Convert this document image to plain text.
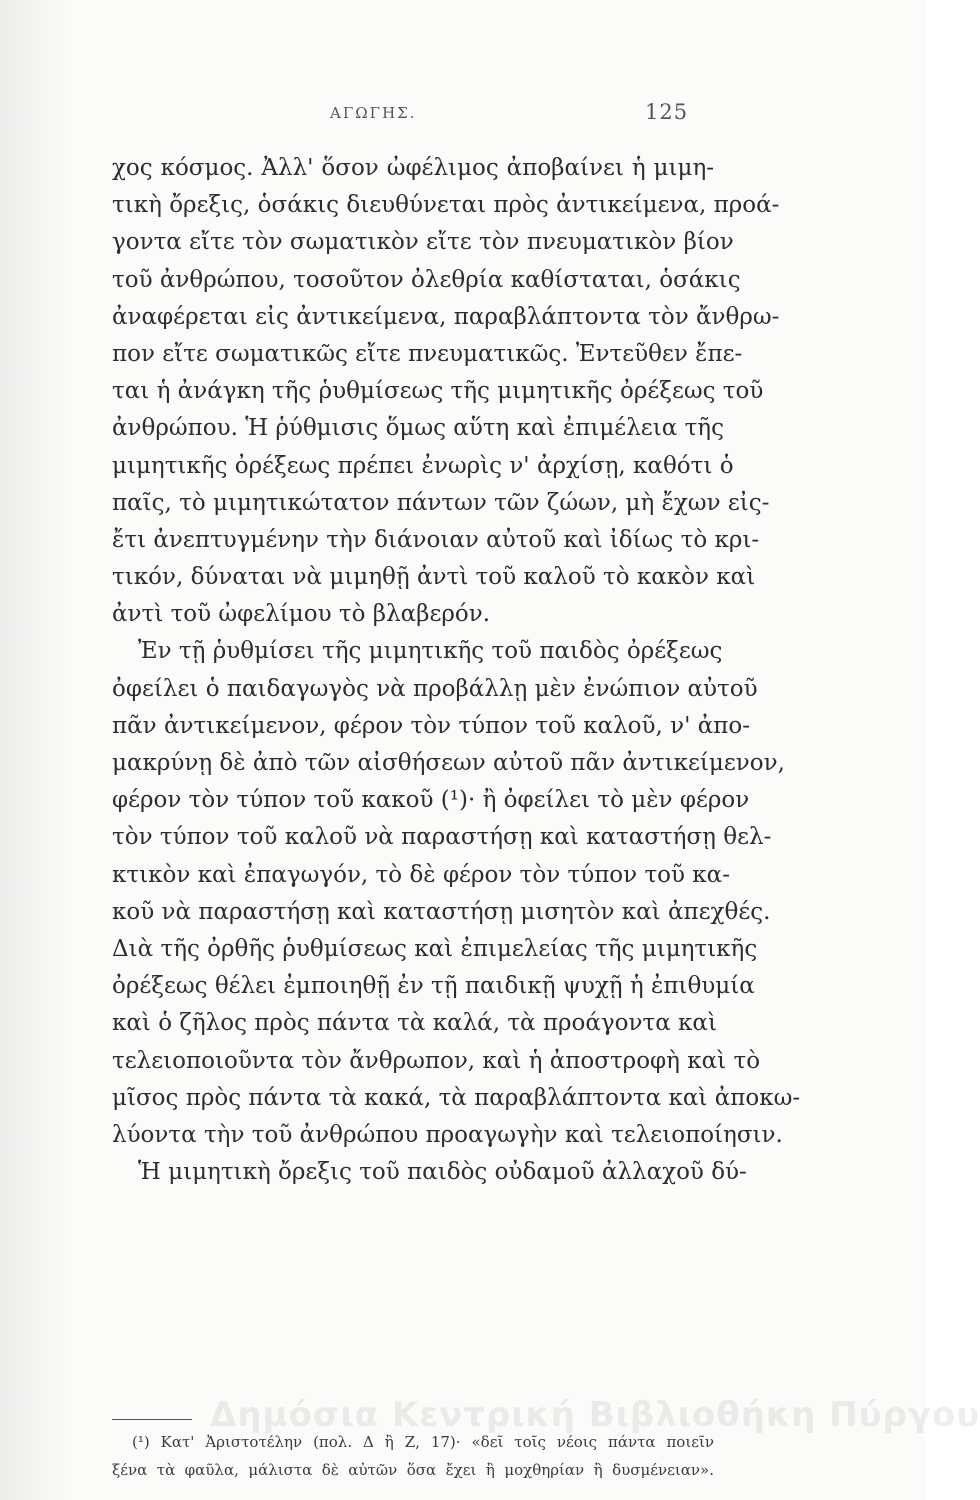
ΑΓΩΓΗΣ.	125
χος κόσμος. Ἀλλ' ὅσον ὠφέλιμος ἀποβαίνει ἡ μιμη-
τικὴ ὄρεξις, ὁσάκις διευθύνεται πρὸς ἀντικείμενα, προά-
γοντα εἴτε τὸν σωματικὸν εἴτε τὸν πνευματικὸν βίον
τοῦ ἀνθρώπου, τοσοῦτον ὀλεθρία καθίσταται, ὁσάκις
ἀναφέρεται εἰς ἀντικείμενα, παραβλάπτοντα τὸν ἄνθρω-
πον εἴτε σωματικῶς εἴτε πνευματικῶς. Ἐντεῦθεν ἔπε-
ται ἡ ἀνάγκη τῆς ῥυθμίσεως τῆς μιμητικῆς ὀρέξεως τοῦ
ἀνθρώπου. Ἡ ῥύθμισις ὅμως αὕτη καὶ ἐπιμέλεια τῆς
μιμητικῆς ὀρέξεως πρέπει ἐνωρὶς ν' ἀρχίσῃ, καθότι ὁ
παῖς, τὸ μιμητικώτατον πάντων τῶν ζώων, μὴ ἔχων εἰς-
ἔτι ἀνεπτυγμένην τὴν διάνοιαν αὐτοῦ καὶ ἰδίως τὸ κρι-
τικόν, δύναται νὰ μιμηθῇ ἀντὶ τοῦ καλοῦ τὸ κακὸν καὶ
ἀντὶ τοῦ ὠφελίμου τὸ βλαβερόν.
Ἐν τῇ ῥυθμίσει τῆς μιμητικῆς τοῦ παιδὸς ὀρέξεως
ὀφείλει ὁ παιδαγωγὸς νὰ προβάλλῃ μὲν ἐνώπιον αὐτοῦ
πᾶν ἀντικείμενον, φέρον τὸν τύπον τοῦ καλοῦ, ν' ἀπο-
μακρύνῃ δὲ ἀπὸ τῶν αἰσθήσεων αὐτοῦ πᾶν ἀντικείμενον,
φέρον τὸν τύπον τοῦ κακοῦ (¹)· ἢ ὀφείλει τὸ μὲν φέρον
τὸν τύπον τοῦ καλοῦ νὰ παραστήσῃ καὶ καταστήσῃ θελ-
κτικὸν καὶ ἐπαγωγόν, τὸ δὲ φέρον τὸν τύπον τοῦ κα-
κοῦ νὰ παραστήσῃ καὶ καταστήσῃ μισητὸν καὶ ἀπεχθές.
Διὰ τῆς ὀρθῆς ῥυθμίσεως καὶ ἐπιμελείας τῆς μιμητικῆς
ὀρέξεως θέλει ἐμποιηθῇ ἐν τῇ παιδικῇ ψυχῇ ἡ ἐπιθυμία
καὶ ὁ ζῆλος πρὸς πάντα τὰ καλά, τὰ προάγοντα καὶ
τελειοποιοῦντα τὸν ἄνθρωπον, καὶ ἡ ἀποστροφὴ καὶ τὸ
μῖσος πρὸς πάντα τὰ κακά, τὰ παραβλάπτοντα καὶ ἀποκω-
λύοντα τὴν τοῦ ἀνθρώπου προαγωγὴν καὶ τελειοποίησιν.
Ἡ μιμητικὴ ὄρεξις τοῦ παιδὸς οὐδαμοῦ ἀλλαχοῦ δύ-
(¹) Κατ' Ἀριστοτέλην (πολ. Δ ἢ Ζ, 17)· «δεῖ τοῖς νέοις πάντα ποιεῖν
ξένα τὰ φαῦλα, μάλιστα δὲ αὐτῶν ὅσα ἔχει ἢ μοχθηρίαν ἢ δυσμένειαν».
Δημόσια Κεντρική Βιβλιοθήκη Πύργου
